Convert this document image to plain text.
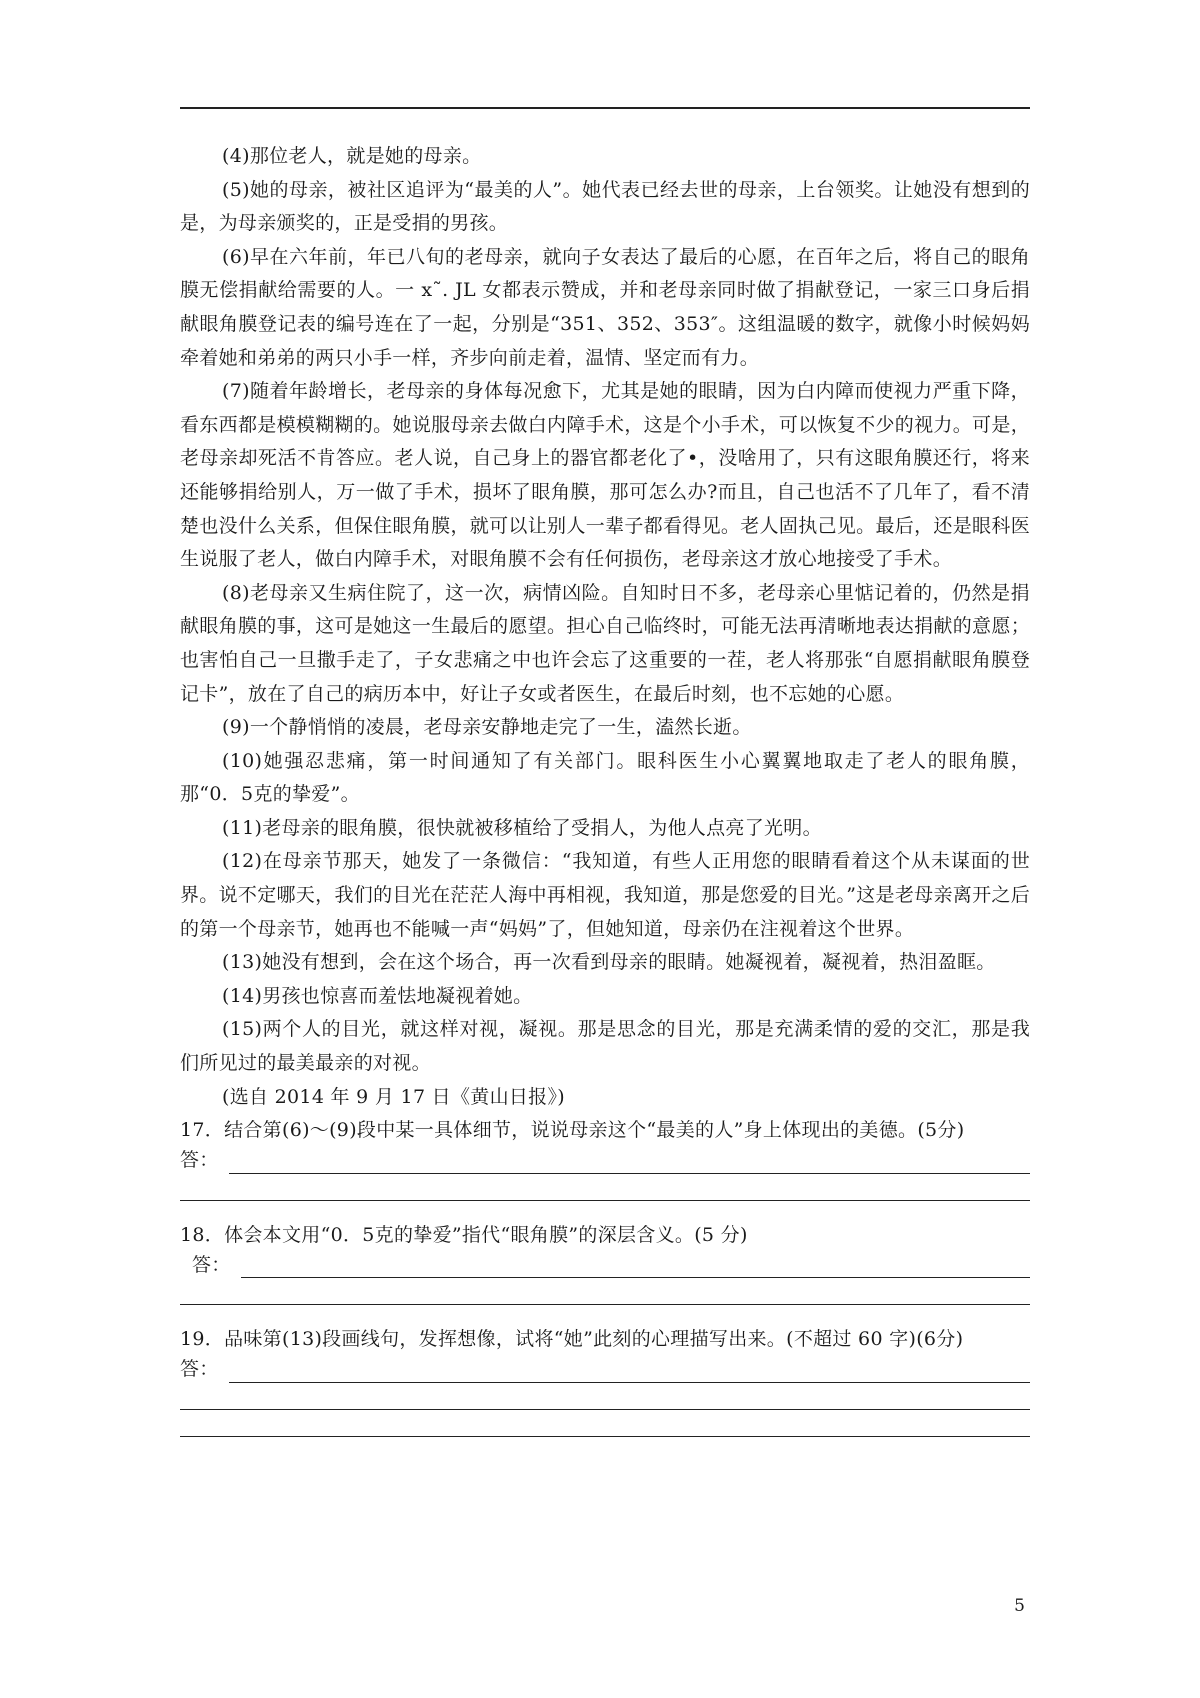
(4)那位老人，就是她的母亲。

(5)她的母亲，被社区追评为“最美的人”。她代表已经去世的母亲，上台领奖。让她没有想到的是，为母亲颁奖的，正是受捐的男孩。

(6)早在六年前，年已八旬的老母亲，就向子女表达了最后的心愿，在百年之后，将自己的眼角膜无偿捐献给需要的人。一 x˜. JL 女都表示赞成，并和老母亲同时做了捐献登记，一家三口身后捐献眼角膜登记表的编号连在了一起，分别是“351、352、353″。这组温暖的数字，就像小时候妈妈牵着她和弟弟的两只小手一样，齐步向前走着，温情、坚定而有力。

(7)随着年龄增长，老母亲的身体每况愈下，尤其是她的眼睛，因为白内障而使视力严重下降，看东西都是模模糊糊的。她说服母亲去做白内障手术，这是个小手术，可以恢复不少的视力。可是，老母亲却死活不肯答应。老人说，自己身上的器官都老化了•，没啥用了，只有这眼角膜还行，将来还能够捐给别人，万一做了手术，损坏了眼角膜，那可怎么办?而且，自己也活不了几年了，看不清楚也没什么关系，但保住眼角膜，就可以让别人一辈子都看得见。老人固执己见。最后，还是眼科医生说服了老人，做白内障手术，对眼角膜不会有任何损伤，老母亲这才放心地接受了手术。

(8)老母亲又生病住院了，这一次，病情凶险。自知时日不多，老母亲心里惦记着的，仍然是捐献眼角膜的事，这可是她这一生最后的愿望。担心自己临终时，可能无法再清晰地表达捐献的意愿；也害怕自己一旦撒手走了，子女悲痛之中也许会忘了这重要的一茬，老人将那张“自愿捐献眼角膜登记卡”，放在了自己的病历本中，好让子女或者医生，在最后时刻，也不忘她的心愿。

(9)一个静悄悄的凌晨，老母亲安静地走完了一生，溘然长逝。

(10)她强忍悲痛，第一时间通知了有关部门。眼科医生小心翼翼地取走了老人的眼角膜，那“0．5克的挚爱”。

(11)老母亲的眼角膜，很快就被移植给了受捐人，为他人点亮了光明。

(12)在母亲节那天，她发了一条微信：“我知道，有些人正用您的眼睛看着这个从未谋面的世界。说不定哪天，我们的目光在茫茫人海中再相视，我知道，那是您爱的目光。”这是老母亲离开之后的第一个母亲节，她再也不能喊一声“妈妈”了，但她知道，母亲仍在注视着这个世界。

(13)她没有想到，会在这个场合，再一次看到母亲的眼睛。她凝视着，凝视着，热泪盈眶。

(14)男孩也惊喜而羞怯地凝视着她。

(15)两个人的目光，就这样对视，凝视。那是思念的目光，那是充满柔情的爱的交汇，那是我们所见过的最美最亲的对视。

(选自 2014 年 9 月 17 日《黄山日报》)

17．结合第(6)～(9)段中某一具体细节，说说母亲这个“最美的人”身上体现出的美德。(5分)

答：

18．体会本文用“0．5克的挚爱”指代“眼角膜”的深层含义。(5 分)

答：

19．品味第(13)段画线句，发挥想像，试将“她”此刻的心理描写出来。(不超过 60 字)(6分)

答：
5
